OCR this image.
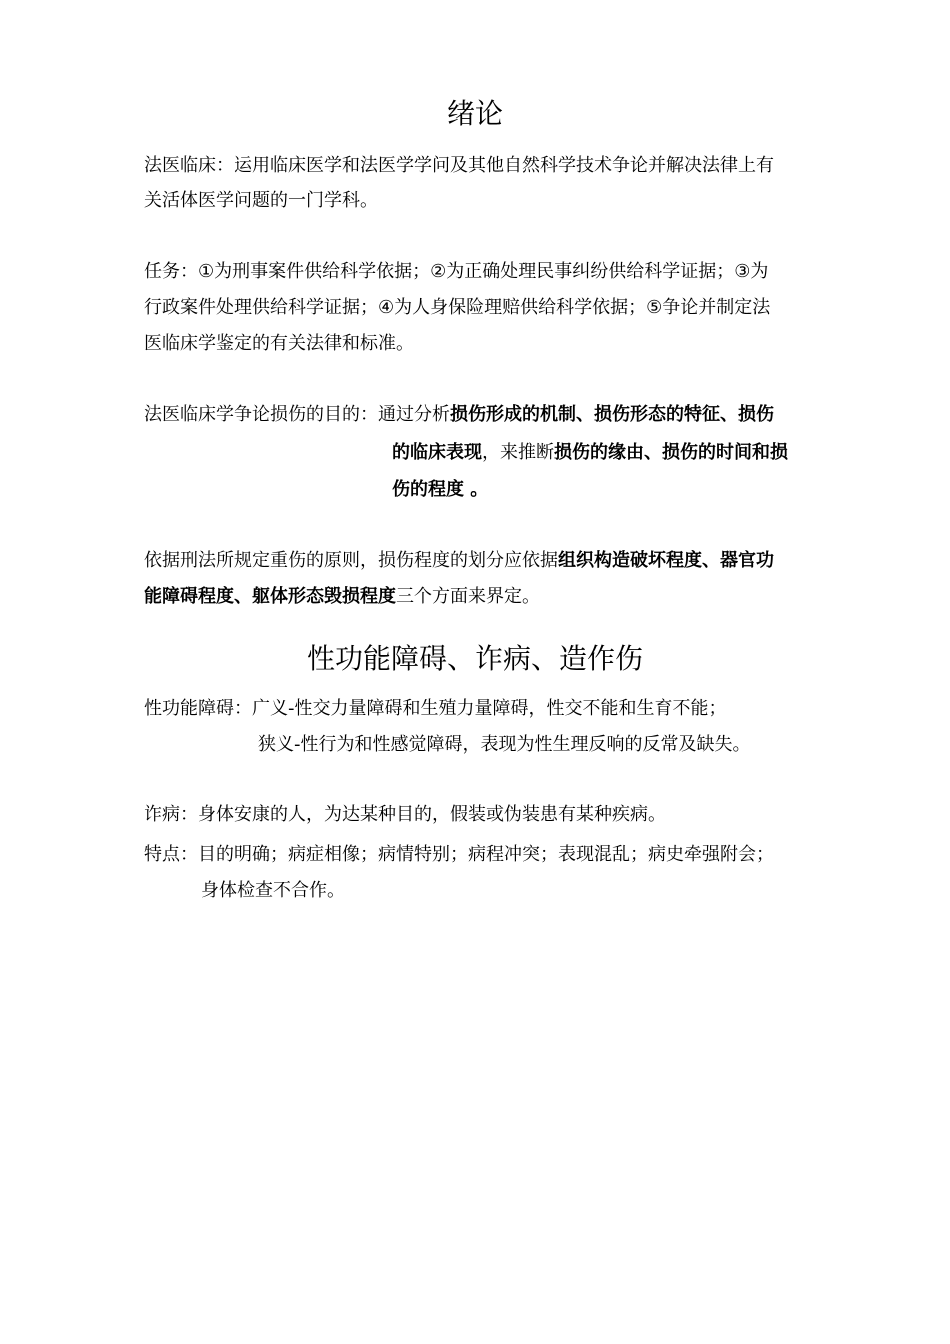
绪论
法医临床：运用临床医学和法医学学问及其他自然科学技术争论并解决法律上有
关活体医学问题的一门学科。
任务：①为刑事案件供给科学依据；②为正确处理民事纠纷供给科学证据；③为
行政案件处理供给科学证据；④为人身保险理赔供给科学依据；⑤争论并制定法
医临床学鉴定的有关法律和标准。
法医临床学争论损伤的目的：通过分析损伤形成的机制、损伤形态的特征、损伤
的临床表现，来推断损伤的缘由、损伤的时间和损
伤的程度 。
依据刑法所规定重伤的原则，损伤程度的划分应依据组织构造破坏程度、器官功
能障碍程度、躯体形态毁损程度三个方面来界定。
性功能障碍、诈病、造作伤
性功能障碍：广义-性交力量障碍和生殖力量障碍，性交不能和生育不能；
狭义-性行为和性感觉障碍，表现为性生理反响的反常及缺失。
诈病：身体安康的人，为达某种目的，假装或伪装患有某种疾病。
特点：目的明确；病症相像；病情特别；病程冲突；表现混乱；病史牵强附会；
身体检查不合作。
